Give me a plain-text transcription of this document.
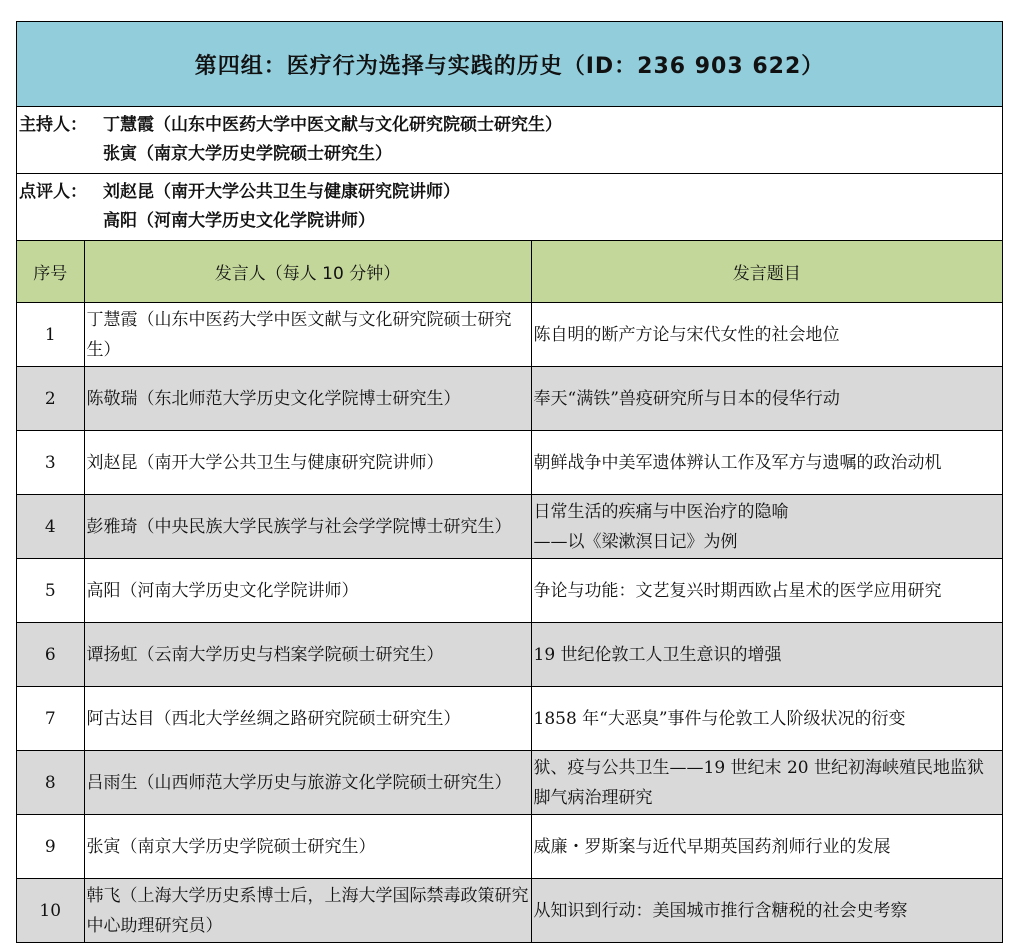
第四组：医疗行为选择与实践的历史（ID：236 903 622）
主持人： 丁慧霞（山东中医药大学中医文献与文化研究院硕士研究生）
张寅（南京大学历史学院硕士研究生）
点评人： 刘赵昆（南开大学公共卫生与健康研究院讲师）
高阳（河南大学历史文化学院讲师）
序号	发言人（每人 10 分钟）	发言题目
1	丁慧霞（山东中医药大学中医文献与文化研究院硕士研究生）	陈自明的断产方论与宋代女性的社会地位
2	陈敬瑞（东北师范大学历史文化学院博士研究生）	奉天“满铁”兽疫研究所与日本的侵华行动
3	刘赵昆（南开大学公共卫生与健康研究院讲师）	朝鲜战争中美军遗体辨认工作及军方与遗嘱的政治动机
4	彭雅琦（中央民族大学民族学与社会学学院博士研究生）	日常生活的疾痛与中医治疗的隐喻
——以《梁漱溟日记》为例
5	高阳（河南大学历史文化学院讲师）	争论与功能：文艺复兴时期西欧占星术的医学应用研究
6	谭扬虹（云南大学历史与档案学院硕士研究生）	19 世纪伦敦工人卫生意识的增强
7	阿古达目（西北大学丝绸之路研究院硕士研究生）	1858 年“大恶臭”事件与伦敦工人阶级状况的衍变
8	吕雨生（山西师范大学历史与旅游文化学院硕士研究生）	狱、疫与公共卫生——19 世纪末 20 世纪初海峡殖民地监狱脚气病治理研究
9	张寅（南京大学历史学院硕士研究生）	威廉・罗斯案与近代早期英国药剂师行业的发展
10	韩飞（上海大学历史系博士后，上海大学国际禁毒政策研究中心助理研究员）	从知识到行动：美国城市推行含糖税的社会史考察
